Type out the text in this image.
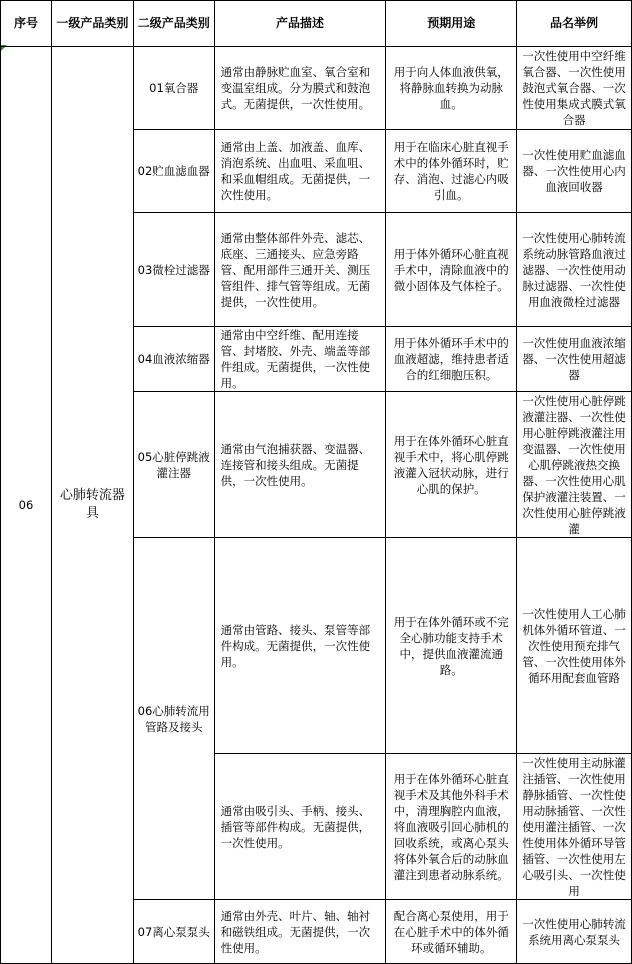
序号	一级产品类别	二级产品类别	产品描述	预期用途	品名举例
06	心肺转流器具	01氧合器	通常由静脉贮血室、氧合室和变温室组成。分为膜式和鼓泡式。无菌提供，一次性使用。	用于向人体血液供氧，将静脉血转换为动脉血。	一次性使用中空纤维氧合器、一次性使用鼓泡式氧合器、一次性使用集成式膜式氧合器
		02贮血滤血器	通常由上盖、加液盖、血库、消泡系统、出血咀、采血咀、和采血帽组成。无菌提供，一次性使用。	用于在临床心脏直视手术中的体外循环时，贮存、消泡、过滤心内吸引血。	一次性使用贮血滤血器、一次性使用心内血液回收器
		03微栓过滤器	通常由整体部件外壳、滤芯、底座、三通接头、应急旁路管、配用部件三通开关、测压管组件、排气管等组成。无菌提供，一次性使用。	用于体外循环心脏直视手术中，清除血液中的微小固体及气体栓子。	一次性使用心肺转流系统动脉管路血液过滤器、一次性使用动脉过滤器、一次性使用血液微栓过滤器
		04血液浓缩器	通常由中空纤维、配用连接管、封堵胶、外壳、端盖等部件组成。无菌提供，一次性使用。	用于体外循环手术中的血液超滤，维持患者适合的红细胞压积。	一次性使用血液浓缩器、一次性使用超滤器
		05心脏停跳液灌注器	通常由气泡捕获器、变温器、连接管和接头组成。无菌提供，一次性使用。	用于在体外循环心脏直视手术中，将心肌停跳液灌入冠状动脉，进行心肌的保护。	一次性使用心脏停跳液灌注器、一次性使用心脏停跳液灌注用变温器、一次性使用心肌停跳液热交换器、一次性使用心肌保护液灌注装置、一次性使用心脏停跳液灌
		06心肺转流用管路及接头	通常由管路、接头、泵管等部件构成。无菌提供，一次性使用。	用于在体外循环或不完全心肺功能支持手术中，提供血液灌流通路。	一次性使用人工心肺机体外循环管道、一次性使用预充排气管、一次性使用体外循环用配套血管路
			通常由吸引头、手柄、接头、插管等部件构成。无菌提供，一次性使用。	用于在体外循环心脏直视手术及其他外科手术中，清理胸腔内血液，将血液吸引回心肺机的回收系统，或离心泵头将体外氧合后的动脉血灌注到患者动脉系统。	一次性使用主动脉灌注插管、一次性使用静脉插管、一次性使用动脉插管、一次性使用灌注插管、一次性使用体外循环导管插管、一次性使用左心吸引头、一次性使用
		07离心泵泵头	通常由外壳、叶片、轴、轴衬和磁铁组成。无菌提供，一次性使用。	配合离心泵使用，用于在心脏手术中的体外循环或循环辅助。	一次性使用心肺转流系统用离心泵泵头
